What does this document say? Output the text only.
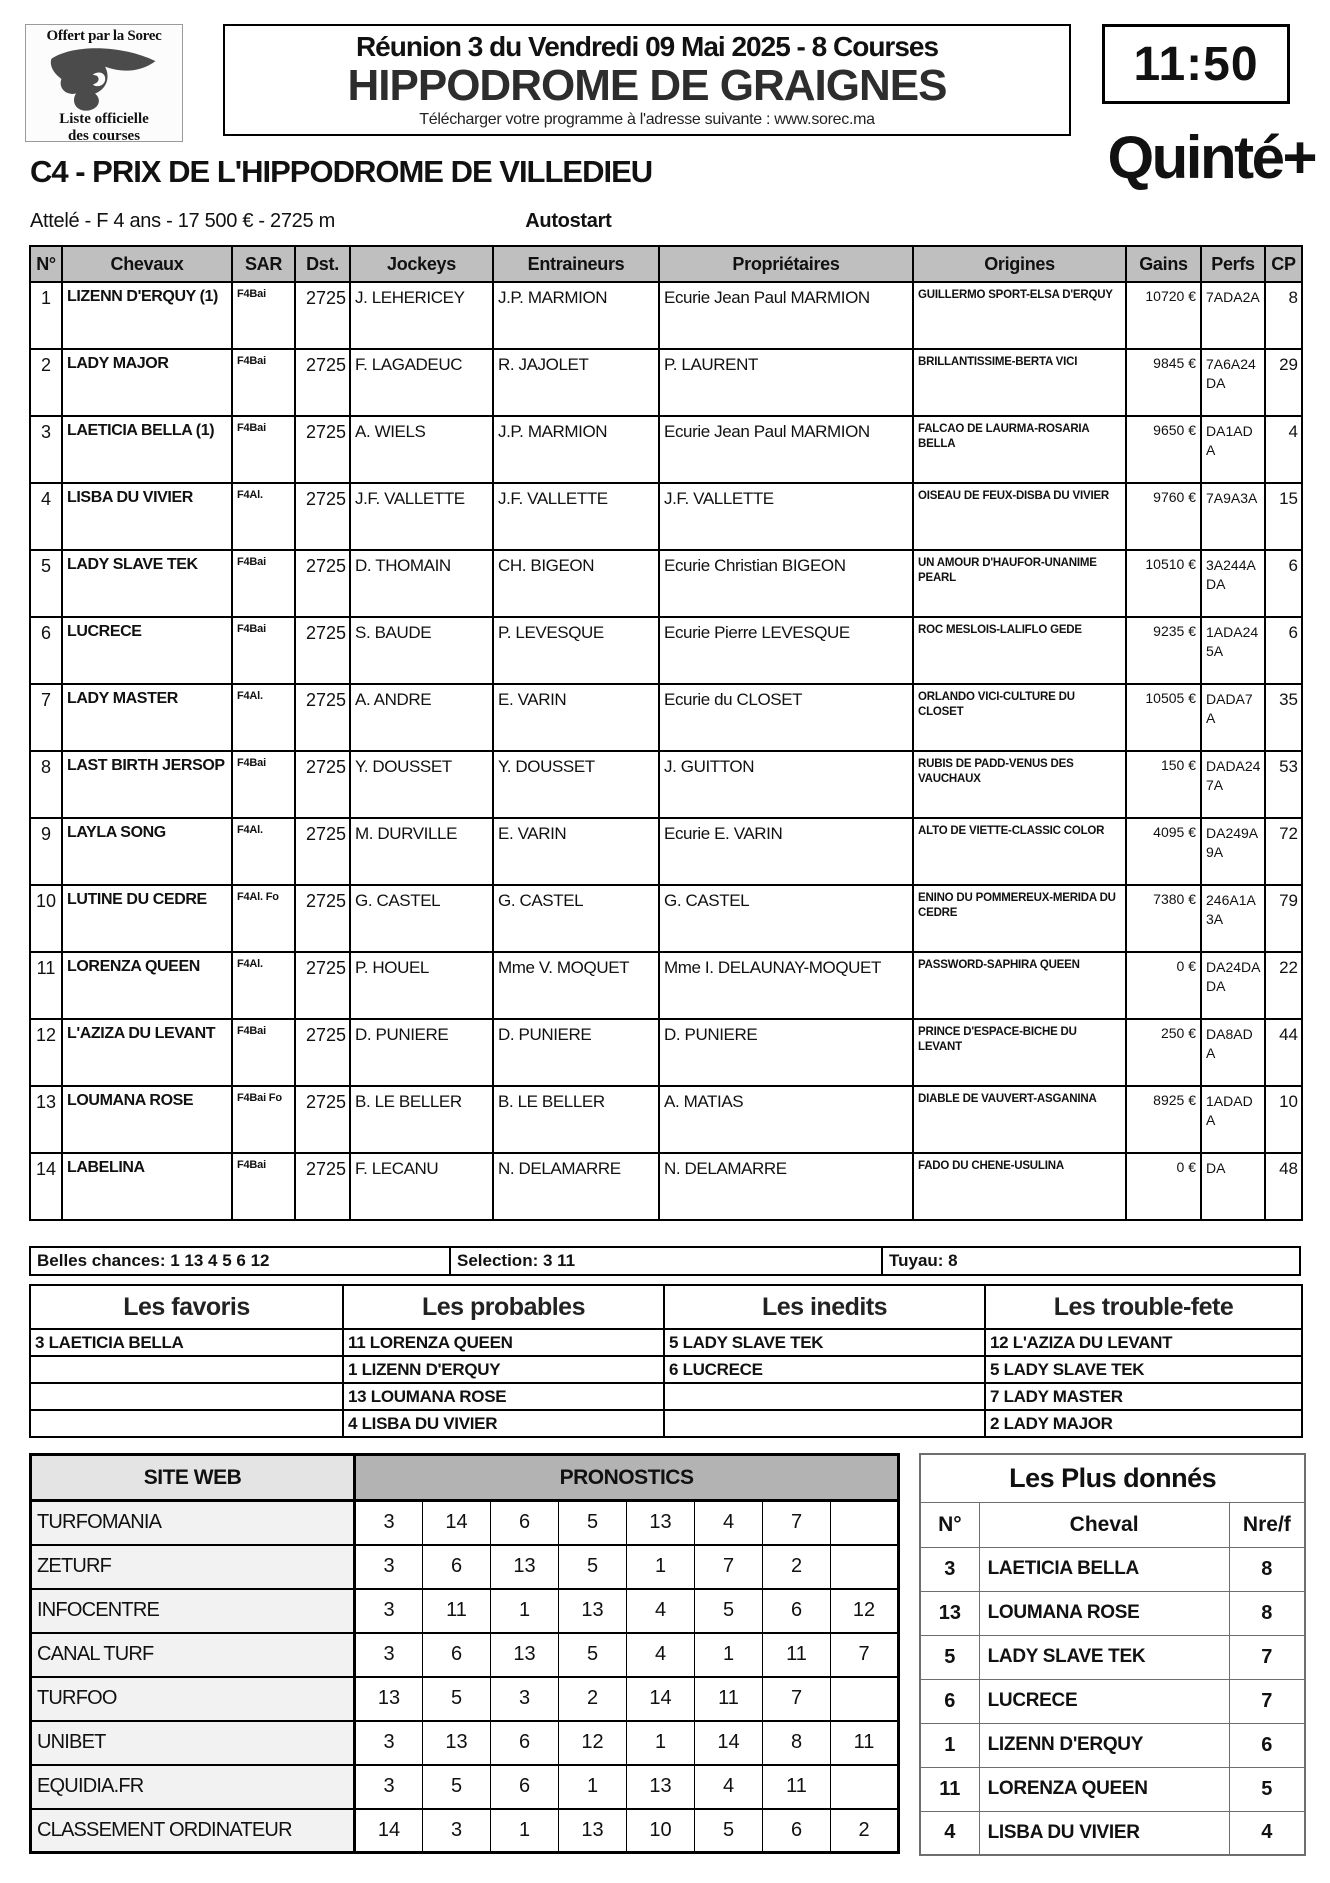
Offert par la Sorec
Liste officielle
des courses
Réunion 3 du Vendredi 09 Mai 2025 - 8 Courses
HIPPODROME DE GRAIGNES
Télécharger votre programme à l'adresse suivante : www.sorec.ma
11:50
C4 - PRIX DE L'HIPPODROME DE VILLEDIEU	Quinté+
Attelé - F 4 ans - 17 500 € - 2725 m	Autostart
N°	Chevaux	SAR	Dst.	Jockeys	Entraineurs	Propriétaires	Origines	Gains	Perfs	CP
1	LIZENN D'ERQUY (1)	F4Bai	2725	J. LEHERICEY	J.P. MARMION	Ecurie Jean Paul MARMION	GUILLERMO SPORT-ELSA D'ERQUY	10720 €	7ADA2A	8
2	LADY MAJOR	F4Bai	2725	F. LAGADEUC	R. JAJOLET	P. LAURENT	BRILLANTISSIME-BERTA VICI	9845 €	7A6A24 DA	29
3	LAETICIA BELLA (1)	F4Bai	2725	A. WIELS	J.P. MARMION	Ecurie Jean Paul MARMION	FALCAO DE LAURMA-ROSARIA BELLA	9650 €	DA1AD A	4
4	LISBA DU VIVIER	F4Al.	2725	J.F. VALLETTE	J.F. VALLETTE	J.F. VALLETTE	OISEAU DE FEUX-DISBA DU VIVIER	9760 €	7A9A3A	15
5	LADY SLAVE TEK	F4Bai	2725	D. THOMAIN	CH. BIGEON	Ecurie Christian BIGEON	UN AMOUR D'HAUFOR-UNANIME PEARL	10510 €	3A244A DA	6
6	LUCRECE	F4Bai	2725	S. BAUDE	P. LEVESQUE	Ecurie Pierre LEVESQUE	ROC MESLOIS-LALIFLO GEDE	9235 €	1ADA24 5A	6
7	LADY MASTER	F4Al.	2725	A. ANDRE	E. VARIN	Ecurie du CLOSET	ORLANDO VICI-CULTURE DU CLOSET	10505 €	DADA7 A	35
8	LAST BIRTH JERSOP	F4Bai	2725	Y. DOUSSET	Y. DOUSSET	J. GUITTON	RUBIS DE PADD-VENUS DES VAUCHAUX	150 €	DADA24 7A	53
9	LAYLA SONG	F4Al.	2725	M. DURVILLE	E. VARIN	Ecurie E. VARIN	ALTO DE VIETTE-CLASSIC COLOR	4095 €	DA249A 9A	72
10	LUTINE DU CEDRE	F4Al. Fo	2725	G. CASTEL	G. CASTEL	G. CASTEL	ENINO DU POMMEREUX-MERIDA DU CEDRE	7380 €	246A1A 3A	79
11	LORENZA QUEEN	F4Al.	2725	P. HOUEL	Mme V. MOQUET	Mme I. DELAUNAY-MOQUET	PASSWORD-SAPHIRA QUEEN	0 €	DA24DA DA	22
12	L'AZIZA DU LEVANT	F4Bai	2725	D. PUNIERE	D. PUNIERE	D. PUNIERE	PRINCE D'ESPACE-BICHE DU LEVANT	250 €	DA8AD A	44
13	LOUMANA ROSE	F4Bai Fo	2725	B. LE BELLER	B. LE BELLER	A. MATIAS	DIABLE DE VAUVERT-ASGANINA	8925 €	1ADAD A	10
14	LABELINA	F4Bai	2725	F. LECANU	N. DELAMARRE	N. DELAMARRE	FADO DU CHENE-USULINA	0 €	DA	48
Belles chances: 1 13 4 5 6 12	Selection: 3 11	Tuyau: 8
Les favoris	Les probables	Les inedits	Les trouble-fete
3 LAETICIA BELLA	11 LORENZA QUEEN	5 LADY SLAVE TEK	12 L'AZIZA DU LEVANT
	1 LIZENN D'ERQUY	6 LUCRECE	5 LADY SLAVE TEK
	13 LOUMANA ROSE		7 LADY MASTER
	4 LISBA DU VIVIER		2 LADY MAJOR
SITE WEB	PRONOSTICS							
TURFOMANIA	3	14	6	5	13	4	7	
ZETURF	3	6	13	5	1	7	2	
INFOCENTRE	3	11	1	13	4	5	6	12
CANAL TURF	3	6	13	5	4	1	11	7
TURFOO	13	5	3	2	14	11	7	
UNIBET	3	13	6	12	1	14	8	11
EQUIDIA.FR	3	5	6	1	13	4	11	
CLASSEMENT ORDINATEUR	14	3	1	13	10	5	6	2
Les Plus donnés		
N°	Cheval	Nre/f
3	LAETICIA BELLA	8
13	LOUMANA ROSE	8
5	LADY SLAVE TEK	7
6	LUCRECE	7
1	LIZENN D'ERQUY	6
11	LORENZA QUEEN	5
4	LISBA DU VIVIER	4
